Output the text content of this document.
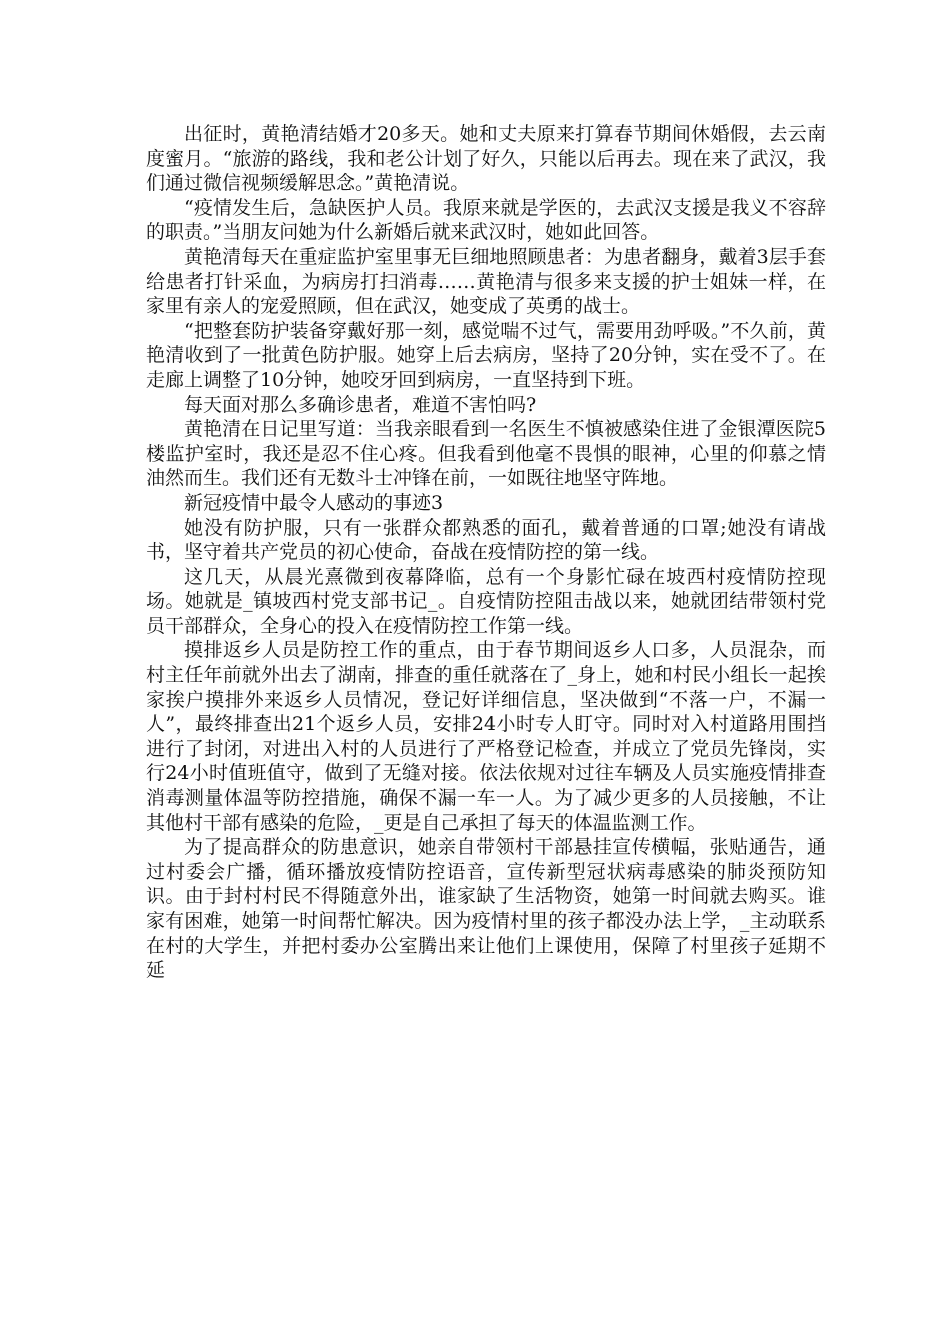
出征时，黄艳清结婚才20多天。她和丈夫原来打算春节期间休婚假，去云南度蜜月。“旅游的路线，我和老公计划了好久，只能以后再去。现在来了武汉，我们通过微信视频缓解思念。”黄艳清说。

“疫情发生后，急缺医护人员。我原来就是学医的，去武汉支援是我义不容辞的职责。”当朋友问她为什么新婚后就来武汉时，她如此回答。

黄艳清每天在重症监护室里事无巨细地照顾患者：为患者翻身，戴着3层手套给患者打针采血，为病房打扫消毒……黄艳清与很多来支援的护士姐妹一样，在家里有亲人的宠爱照顾，但在武汉，她变成了英勇的战士。

“把整套防护装备穿戴好那一刻，感觉喘不过气，需要用劲呼吸。”不久前，黄艳清收到了一批黄色防护服。她穿上后去病房，坚持了20分钟，实在受不了。在走廊上调整了10分钟，她咬牙回到病房，一直坚持到下班。

每天面对那么多确诊患者，难道不害怕吗?

黄艳清在日记里写道：当我亲眼看到一名医生不慎被感染住进了金银潭医院5楼监护室时，我还是忍不住心疼。但我看到他毫不畏惧的眼神，心里的仰慕之情油然而生。我们还有无数斗士冲锋在前，一如既往地坚守阵地。

新冠疫情中最令人感动的事迹3

她没有防护服，只有一张群众都熟悉的面孔，戴着普通的口罩;她没有请战书，坚守着共产党员的初心使命，奋战在疫情防控的第一线。

这几天，从晨光熹微到夜幕降临，总有一个身影忙碌在坡西村疫情防控现场。她就是_镇坡西村党支部书记_。自疫情防控阻击战以来，她就团结带领村党员干部群众，全身心的投入在疫情防控工作第一线。

摸排返乡人员是防控工作的重点，由于春节期间返乡人口多，人员混杂，而村主任年前就外出去了湖南，排查的重任就落在了_身上，她和村民小组长一起挨家挨户摸排外来返乡人员情况，登记好详细信息，坚决做到“不落一户，不漏一人”，最终排查出21个返乡人员，安排24小时专人盯守。同时对入村道路用围挡进行了封闭，对进出入村的人员进行了严格登记检查，并成立了党员先锋岗，实行24小时值班值守，做到了无缝对接。依法依规对过往车辆及人员实施疫情排查消毒测量体温等防控措施，确保不漏一车一人。为了减少更多的人员接触，不让其他村干部有感染的危险，_更是自己承担了每天的体温监测工作。

为了提高群众的防患意识，她亲自带领村干部悬挂宣传横幅，张贴通告，通过村委会广播，循环播放疫情防控语音，宣传新型冠状病毒感染的肺炎预防知识。由于封村村民不得随意外出，谁家缺了生活物资，她第一时间就去购买。谁家有困难，她第一时间帮忙解决。因为疫情村里的孩子都没办法上学，_主动联系在村的大学生，并把村委办公室腾出来让他们上课使用，保障了村里孩子延期不延
